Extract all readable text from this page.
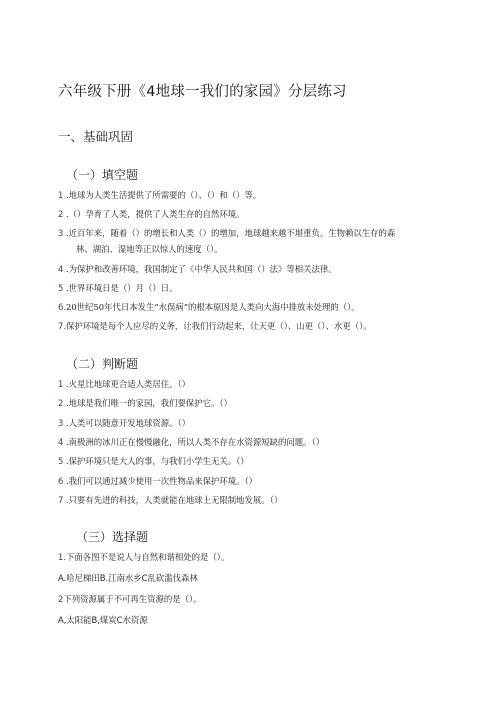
六年级下册《4地球一我们的家园》分层练习
一、基础巩固
（一）填空题
1 .地球为人类生活提供了所需要的（）、（）和（）等。
2 .（）孕育了人类，提供了人类生存的自然环境。
3 .近百年来，随着（）的增长和人类（）的增加，地球越来越不堪重负。生物赖以生存的森
林、湖泊、湿地等正以惊人的速度（）。
4 .为保护和改善环境，我国制定了《中华人民共和国（）法》等相关法律。
5 .世界环境日是（）月（）日。
6.20世纪50年代日本发生“水俣病”的根本原因是人类向大海中排放未处理的（）。
7.保护环境是每个人应尽的义务，让我们行动起来，让天更（）、山更（）、水更（）。
（二）判断题
1 .火星比地球更合适人类居住。（）
2 .地球是我们唯一的家园，我们要保护它。（）
3 .人类可以随意开发地球资源。（）
4 .南极洲的冰川正在慢慢融化，所以人类不存在水资源短缺的问题。（）
5 .保护环境只是大人的事，与我们小学生无关。（）
6 .我们可以通过减少使用一次性物品来保护环境。（）
7 .只要有先进的科技，人类就能在地球上无限制地发展。（）
（三）选择题
1.下面各图不是说人与自然和谐相处的是（）。
A.哈尼梯田B.江南水乡C乱砍滥伐森林
2下列资源属于不可再生资源的是（）。
A,太阳能B,煤炭C水资源
